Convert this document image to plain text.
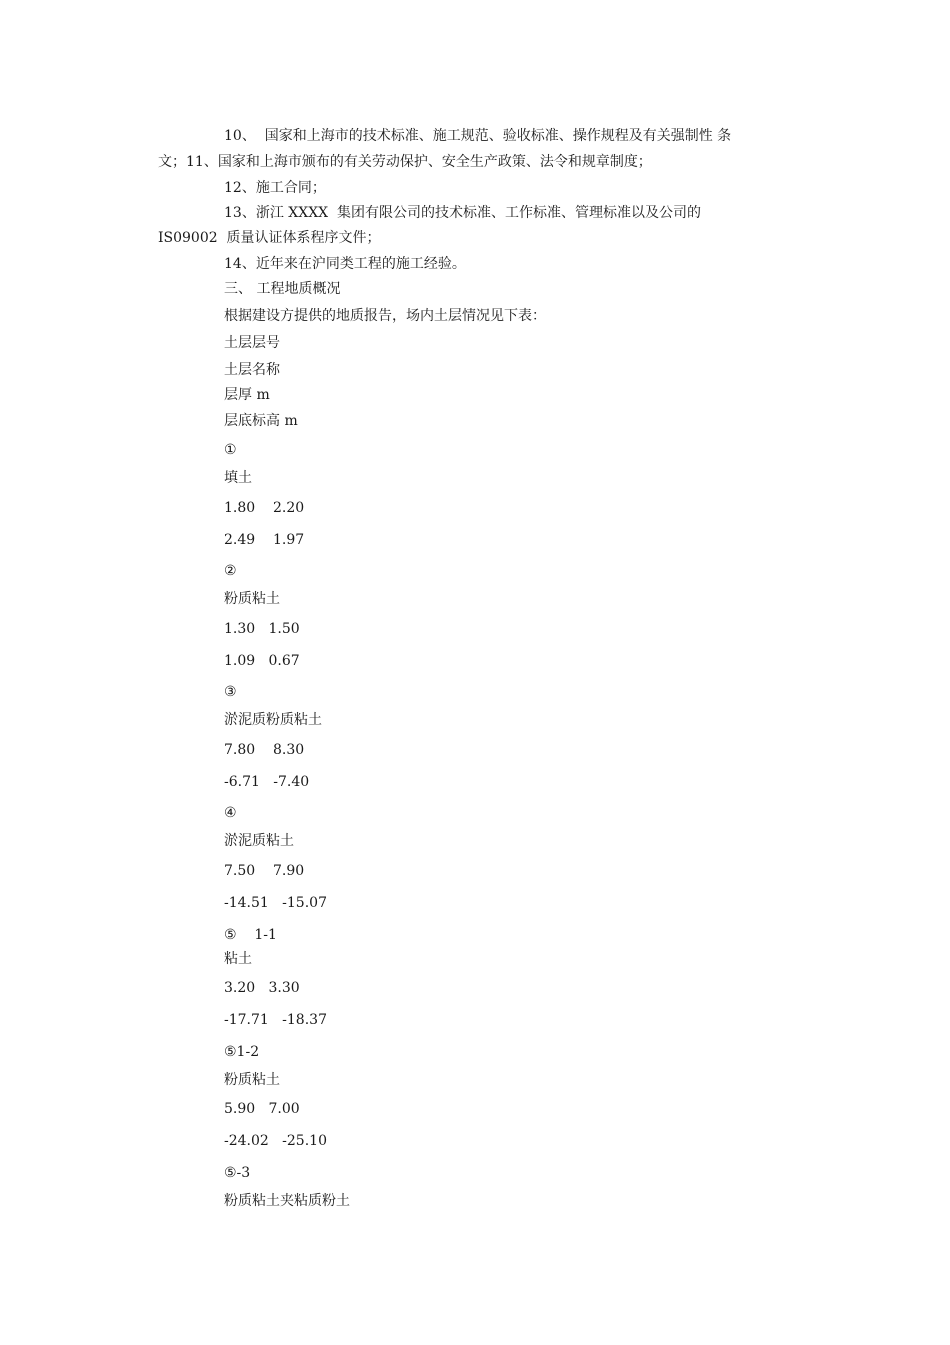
10、  国家和上海市的技术标准、施工规范、验收标准、操作规程及有关强制性 条
文；11、国家和上海市颁布的有关劳动保护、安全生产政策、法令和规章制度；
12、施工合同；
13、浙江 XXXX  集团有限公司的技术标准、工作标准、管理标准以及公司的
IS09002  质量认证体系程序文件；
14、近年来在沪同类工程的施工经验。
三、 工程地质概况
根据建设方提供的地质报告，场内土层情况见下表：
土层层号
土层名称
层厚 m
层底标高 m
①
填土
1.80    2.20
2.49    1.97
②
粉质粘土
1.30   1.50
1.09   0.67
③
淤泥质粉质粘土
7.80    8.30
-6.71   -7.40
④
淤泥质粘土
7.50    7.90
-14.51   -15.07
⑤    1-1
粘土
3.20   3.30
-17.71   -18.37
⑤1-2
粉质粘土
5.90   7.00
-24.02   -25.10
⑤-3
粉质粘土夹粘质粉土
